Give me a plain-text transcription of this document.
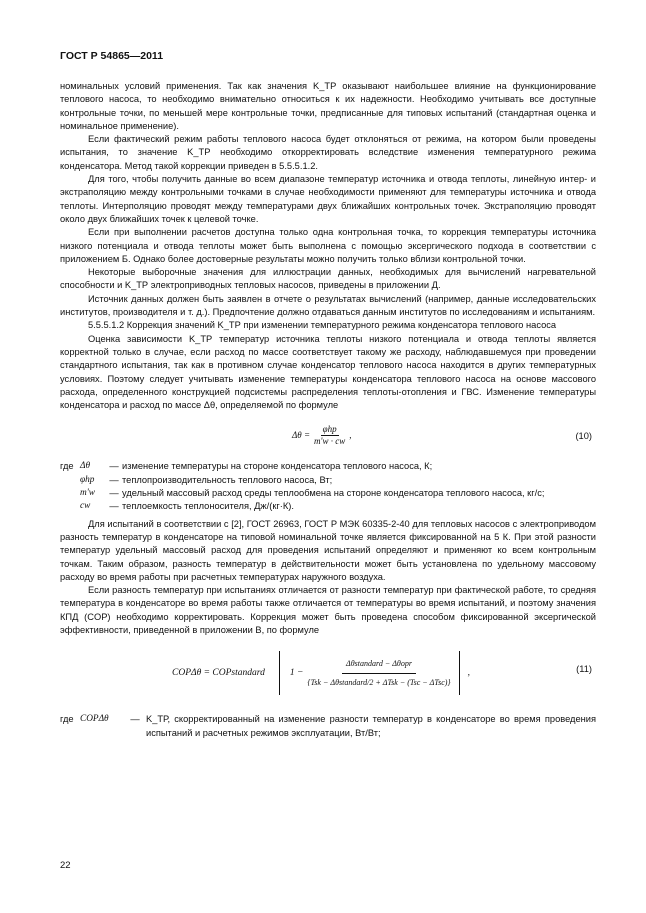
ГОСТ Р 54865—2011

номинальных условий применения. Так как значения K_ТР оказывают наибольшее влияние на функционирование теплового насоса, то необходимо внимательно относиться к их надежности. Необходимо учитывать все доступные контрольные точки, по меньшей мере контрольные точки, предписанные для типовых испытаний (стандартная оценка и номинальное применение).

Если фактический режим работы теплового насоса будет отклоняться от режима, на котором были проведены испытания, то значение K_ТР необходимо откорректировать вследствие изменения температурного режима конденсатора. Метод такой коррекции приведен в 5.5.5.1.2.

Для того, чтобы получить данные во всем диапазоне температур источника и отвода теплоты, линейную интер- и экстраполяцию между контрольными точками в случае необходимости применяют для температуры источника и отвода теплоты. Интерполяцию проводят между температурами двух ближайших контрольных точек. Экстраполяцию проводят около двух ближайших точек к целевой точке.

Если при выполнении расчетов доступна только одна контрольная точка, то коррекция температуры источника низкого потенциала и отвода теплоты может быть выполнена с помощью эксергического подхода в соответствии с приложением Б. Однако более достоверные результаты можно получить только вблизи контрольной точки.

Некоторые выборочные значения для иллюстрации данных, необходимых для вычислений нагревательной способности и K_ТР электроприводных тепловых насосов, приведены в приложении Д.

Источник данных должен быть заявлен в отчете о результатах вычислений (например, данные исследовательских институтов, производителя и т. д.). Предпочтение должно отдаваться данным институтов по исследованиям и испытаниям.

5.5.5.1.2 Коррекция значений K_ТР при изменении температурного режима конденсатора теплового насоса

Оценка зависимости K_ТР температур источника теплоты низкого потенциала и отвода теплоты является корректной только в случае, если расход по массе соответствует такому же расходу, наблюдавшемуся при проведении стандартного испытания, так как в противном случае конденсатор теплового насоса находится в других температурных условиях. Поэтому следует учитывать изменение температуры конденсатора теплового насоса на основе массового расхода, определенного конструкцией подсистемы распределения теплоты-отопления и ГВС. Изменение температуры конденсатора и расход по массе Δθ, определяемой по формуле

$\Delta\theta = \frac{\text{φhp}}{m'w \cdot cw}$ ,	(10)
где Δθ	— изменение температуры на стороне конденсатора теплового насоса, К;
φhp	— теплопроизводительность теплового насоса, Вт;
m'w	— удельный массовый расход среды теплообмена на стороне конденсатора теплового насоса, кг/с;
cw	— теплоемкость теплоносителя, Дж/(кг·К).

Для испытаний в соответствии с [2], ГОСТ 26963, ГОСТ Р МЭК 60335-2-40 для тепловых насосов с электроприводом разность температур в конденсаторе на типовой номинальной точке является фиксированной на 5 К. При этой разности температур удельный массовый расход для проведения испытаний определяют и применяют ко всем контрольным точкам. Таким образом, разность температур в действительности может быть установлена по удельному массовому расходу во время работы при расчетных температурах наружного воздуха.

Если разность температур при испытаниях отличается от разности температур при фактической работе, то средняя температура в конденсаторе во время работы также отличается от температуры во время испытаний, и поэтому значения КПД (COP) необходимо корректировать. Коррекция может быть проведена способом фиксированной эксергической эффективности, приведенной в приложении В, по формуле

COPΔθ = COPstandard	$1 - \frac{\text{Δθstandard − Δθopr}}{\text{\{Tsk − Δθstandard/2 + ΔTsk − (Tsc − ΔTsc)\}}}$ ,	(11)
где COPΔθ	— K_ТР, скорректированный на изменение разности температур в конденсаторе во время проведения испытаний и расчетных режимов эксплуатации, Вт/Вт;
22
